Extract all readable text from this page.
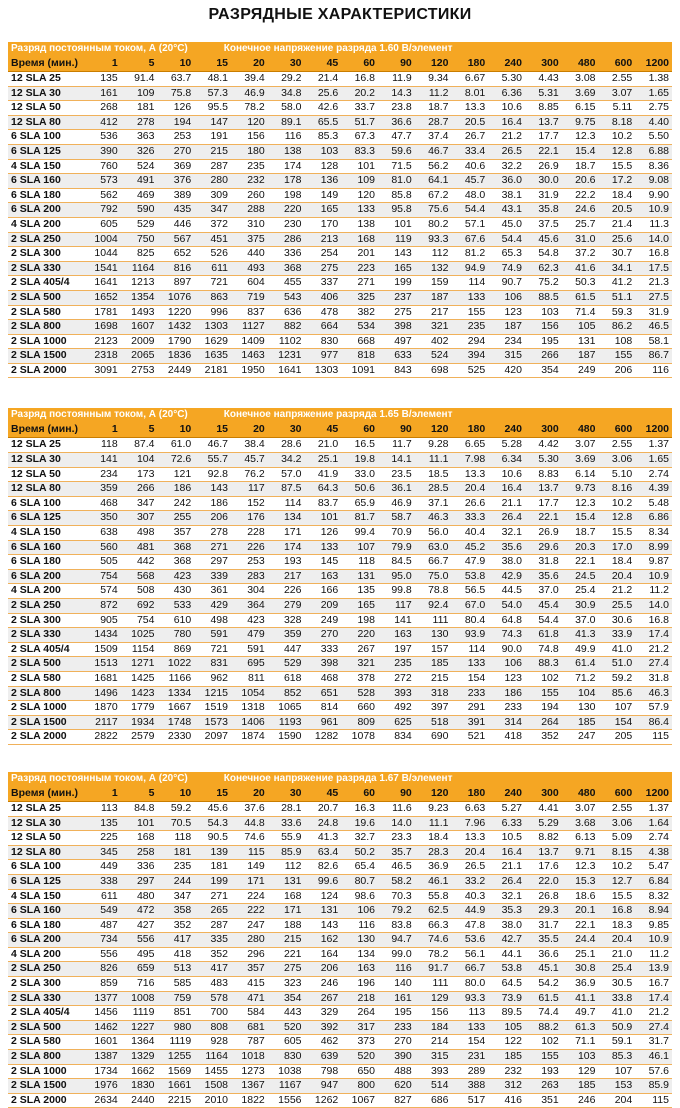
РАЗРЯДНЫЕ ХАРАКТЕРИСТИКИ
Разряд постоянным током, А (20°С) Конечное напряжение разряда 1.60 В/элемент																
Время (мин.)	1	5	10	15	20	30	45	60	90	120	180	240	300	480	600	1200
12 SLA 25	135	91.4	63.7	48.1	39.4	29.2	21.4	16.8	11.9	9.34	6.67	5.30	4.43	3.08	2.55	1.38
12 SLA 30	161	109	75.8	57.3	46.9	34.8	25.6	20.2	14.3	11.2	8.01	6.36	5.31	3.69	3.07	1.65
12 SLA 50	268	181	126	95.5	78.2	58.0	42.6	33.7	23.8	18.7	13.3	10.6	8.85	6.15	5.11	2.75
12 SLA 80	412	278	194	147	120	89.1	65.5	51.7	36.6	28.7	20.5	16.4	13.7	9.75	8.18	4.40
6 SLA 100	536	363	253	191	156	116	85.3	67.3	47.7	37.4	26.7	21.2	17.7	12.3	10.2	5.50
6 SLA 125	390	326	270	215	180	138	103	83.3	59.6	46.7	33.4	26.5	22.1	15.4	12.8	6.88
4 SLA 150	760	524	369	287	235	174	128	101	71.5	56.2	40.6	32.2	26.9	18.7	15.5	8.36
6 SLA 160	573	491	376	280	232	178	136	109	81.0	64.1	45.7	36.0	30.0	20.6	17.2	9.08
6 SLA 180	562	469	389	309	260	198	149	120	85.8	67.2	48.0	38.1	31.9	22.2	18.4	9.90
6 SLA 200	792	590	435	347	288	220	165	133	95.8	75.6	54.4	43.1	35.8	24.6	20.5	10.9
4 SLA 200	605	529	446	372	310	230	170	138	101	80.2	57.1	45.0	37.5	25.7	21.4	11.3
2 SLA 250	1004	750	567	451	375	286	213	168	119	93.3	67.6	54.4	45.6	31.0	25.6	14.0
2 SLA 300	1044	825	652	526	440	336	254	201	143	112	81.2	65.3	54.8	37.2	30.7	16.8
2 SLA 330	1541	1164	816	611	493	368	275	223	165	132	94.9	74.9	62.3	41.6	34.1	17.5
2 SLA 405/4	1641	1213	897	721	604	455	337	271	199	159	114	90.7	75.2	50.3	41.2	21.3
2 SLA 500	1652	1354	1076	863	719	543	406	325	237	187	133	106	88.5	61.5	51.1	27.5
2 SLA 580	1781	1493	1220	996	837	636	478	382	275	217	155	123	103	71.4	59.3	31.9
2 SLA 800	1698	1607	1432	1303	1127	882	664	534	398	321	235	187	156	105	86.2	46.5
2 SLA 1000	2123	2009	1790	1629	1409	1102	830	668	497	402	294	234	195	131	108	58.1
2 SLA 1500	2318	2065	1836	1635	1463	1231	977	818	633	524	394	315	266	187	155	86.7
2 SLA 2000	3091	2753	2449	2181	1950	1641	1303	1091	843	698	525	420	354	249	206	116
Разряд постоянным током, А (20°С) Конечное напряжение разряда 1.65 В/элемент																
Время (мин.)	1	5	10	15	20	30	45	60	90	120	180	240	300	480	600	1200
12 SLA 25	118	87.4	61.0	46.7	38.4	28.6	21.0	16.5	11.7	9.28	6.65	5.28	4.42	3.07	2.55	1.37
12 SLA 30	141	104	72.6	55.7	45.7	34.2	25.1	19.8	14.1	11.1	7.98	6.34	5.30	3.69	3.06	1.65
12 SLA 50	234	173	121	92.8	76.2	57.0	41.9	33.0	23.5	18.5	13.3	10.6	8.83	6.14	5.10	2.74
12 SLA 80	359	266	186	143	117	87.5	64.3	50.6	36.1	28.5	20.4	16.4	13.7	9.73	8.16	4.39
6 SLA 100	468	347	242	186	152	114	83.7	65.9	46.9	37.1	26.6	21.1	17.7	12.3	10.2	5.48
6 SLA 125	350	307	255	206	176	134	101	81.7	58.7	46.3	33.3	26.4	22.1	15.4	12.8	6.86
4 SLA 150	638	498	357	278	228	171	126	99.4	70.9	56.0	40.4	32.1	26.9	18.7	15.5	8.34
6 SLA 160	560	481	368	271	226	174	133	107	79.9	63.0	45.2	35.6	29.6	20.3	17.0	8.99
6 SLA 180	505	442	368	297	253	193	145	118	84.5	66.7	47.9	38.0	31.8	22.1	18.4	9.87
6 SLA 200	754	568	423	339	283	217	163	131	95.0	75.0	53.8	42.9	35.6	24.5	20.4	10.9
4 SLA 200	574	508	430	361	304	226	166	135	99.8	78.8	56.5	44.5	37.0	25.4	21.2	11.2
2 SLA 250	872	692	533	429	364	279	209	165	117	92.4	67.0	54.0	45.4	30.9	25.5	14.0
2 SLA 300	905	754	610	498	423	328	249	198	141	111	80.4	64.8	54.4	37.0	30.6	16.8
2 SLA 330	1434	1025	780	591	479	359	270	220	163	130	93.9	74.3	61.8	41.3	33.9	17.4
2 SLA 405/4	1509	1154	869	721	591	447	333	267	197	157	114	90.0	74.8	49.9	41.0	21.2
2 SLA 500	1513	1271	1022	831	695	529	398	321	235	185	133	106	88.3	61.4	51.0	27.4
2 SLA 580	1681	1425	1166	962	811	618	468	378	272	215	154	123	102	71.2	59.2	31.8
2 SLA 800	1496	1423	1334	1215	1054	852	651	528	393	318	233	186	155	104	85.6	46.3
2 SLA 1000	1870	1779	1667	1519	1318	1065	814	660	492	397	291	233	194	130	107	57.9
2 SLA 1500	2117	1934	1748	1573	1406	1193	961	809	625	518	391	314	264	185	154	86.4
2 SLA 2000	2822	2579	2330	2097	1874	1590	1282	1078	834	690	521	418	352	247	205	115
Разряд постоянным током, А (20°С) Конечное напряжение разряда 1.67 В/элемент																
Время (мин.)	1	5	10	15	20	30	45	60	90	120	180	240	300	480	600	1200
12 SLA 25	113	84.8	59.2	45.6	37.6	28.1	20.7	16.3	11.6	9.23	6.63	5.27	4.41	3.07	2.55	1.37
12 SLA 30	135	101	70.5	54.3	44.8	33.6	24.8	19.6	14.0	11.1	7.96	6.33	5.29	3.68	3.06	1.64
12 SLA 50	225	168	118	90.5	74.6	55.9	41.3	32.7	23.3	18.4	13.3	10.5	8.82	6.13	5.09	2.74
12 SLA 80	345	258	181	139	115	85.9	63.4	50.2	35.7	28.3	20.4	16.4	13.7	9.71	8.15	4.38
6 SLA 100	449	336	235	181	149	112	82.6	65.4	46.5	36.9	26.5	21.1	17.6	12.3	10.2	5.47
6 SLA 125	338	297	244	199	171	131	99.6	80.7	58.2	46.1	33.2	26.4	22.0	15.3	12.7	6.84
4 SLA 150	611	480	347	271	224	168	124	98.6	70.3	55.8	40.3	32.1	26.8	18.6	15.5	8.32
6 SLA 160	549	472	358	265	222	171	131	106	79.2	62.5	44.9	35.3	29.3	20.1	16.8	8.94
6 SLA 180	487	427	352	287	247	188	143	116	83.8	66.3	47.8	38.0	31.7	22.1	18.3	9.85
6 SLA 200	734	556	417	335	280	215	162	130	94.7	74.6	53.6	42.7	35.5	24.4	20.4	10.9
4 SLA 200	556	495	418	352	296	221	164	134	99.0	78.2	56.1	44.1	36.6	25.1	21.0	11.2
2 SLA 250	826	659	513	417	357	275	206	163	116	91.7	66.7	53.8	45.1	30.8	25.4	13.9
2 SLA 300	859	716	585	483	415	323	246	196	140	111	80.0	64.5	54.2	36.9	30.5	16.7
2 SLA 330	1377	1008	759	578	471	354	267	218	161	129	93.3	73.9	61.5	41.1	33.8	17.4
2 SLA 405/4	1456	1119	851	700	584	443	329	264	195	156	113	89.5	74.4	49.7	41.0	21.2
2 SLA 500	1462	1227	980	808	681	520	392	317	233	184	133	105	88.2	61.3	50.9	27.4
2 SLA 580	1601	1364	1119	928	787	605	462	373	270	214	154	122	102	71.1	59.1	31.7
2 SLA 800	1387	1329	1255	1164	1018	830	639	520	390	315	231	185	155	103	85.3	46.1
2 SLA 1000	1734	1662	1569	1455	1273	1038	798	650	488	393	289	232	193	129	107	57.6
2 SLA 1500	1976	1830	1661	1508	1367	1167	947	800	620	514	388	312	263	185	153	85.9
2 SLA 2000	2634	2440	2215	2010	1822	1556	1262	1067	827	686	517	416	351	246	204	115
